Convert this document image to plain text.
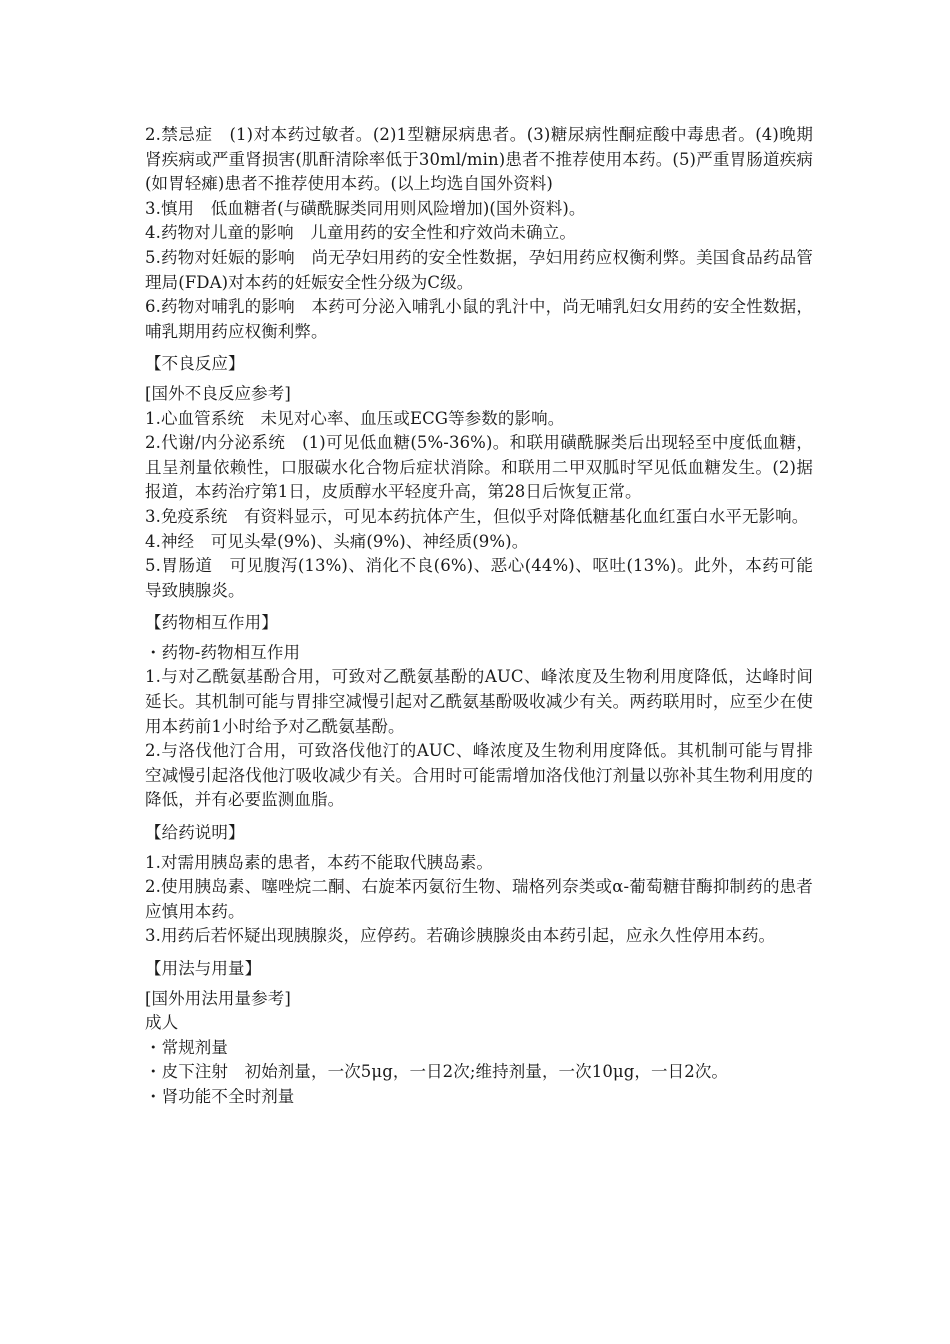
2.禁忌症　(1)对本药过敏者。(2)1型糖尿病患者。(3)糖尿病性酮症酸中毒患者。(4)晚期肾疾病或严重肾损害(肌酐清除率低于30ml/min)患者不推荐使用本药。(5)严重胃肠道疾病(如胃轻瘫)患者不推荐使用本药。(以上均选自国外资料)

3.慎用　低血糖者(与磺酰脲类同用则风险增加)(国外资料)。

4.药物对儿童的影响　儿童用药的安全性和疗效尚未确立。

5.药物对妊娠的影响　尚无孕妇用药的安全性数据，孕妇用药应权衡利弊。美国食品药品管理局(FDA)对本药的妊娠安全性分级为C级。

6.药物对哺乳的影响　本药可分泌入哺乳小鼠的乳汁中，尚无哺乳妇女用药的安全性数据，哺乳期用药应权衡利弊。

【不良反应】

[国外不良反应参考]

1.心血管系统　未见对心率、血压或ECG等参数的影响。

2.代谢/内分泌系统　(1)可见低血糖(5%-36%)。和联用磺酰脲类后出现轻至中度低血糖，且呈剂量依赖性，口服碳水化合物后症状消除。和联用二甲双胍时罕见低血糖发生。(2)据报道，本药治疗第1日，皮质醇水平轻度升高，第28日后恢复正常。

3.免疫系统　有资料显示，可见本药抗体产生，但似乎对降低糖基化血红蛋白水平无影响。

4.神经　可见头晕(9%)、头痛(9%)、神经质(9%)。

5.胃肠道　可见腹泻(13%)、消化不良(6%)、恶心(44%)、呕吐(13%)。此外，本药可能导致胰腺炎。

【药物相互作用】

・药物-药物相互作用

1.与对乙酰氨基酚合用，可致对乙酰氨基酚的AUC、峰浓度及生物利用度降低，达峰时间延长。其机制可能与胃排空减慢引起对乙酰氨基酚吸收减少有关。两药联用时，应至少在使用本药前1小时给予对乙酰氨基酚。

2.与洛伐他汀合用，可致洛伐他汀的AUC、峰浓度及生物利用度降低。其机制可能与胃排空减慢引起洛伐他汀吸收减少有关。合用时可能需增加洛伐他汀剂量以弥补其生物利用度的降低，并有必要监测血脂。

【给药说明】

1.对需用胰岛素的患者，本药不能取代胰岛素。

2.使用胰岛素、噻唑烷二酮、右旋苯丙氨衍生物、瑞格列奈类或α-葡萄糖苷酶抑制药的患者应慎用本药。

3.用药后若怀疑出现胰腺炎，应停药。若确诊胰腺炎由本药引起，应永久性停用本药。

【用法与用量】

[国外用法用量参考]

成人

・常规剂量

・皮下注射　初始剂量，一次5μg，一日2次;维持剂量，一次10μg，一日2次。

・肾功能不全时剂量
